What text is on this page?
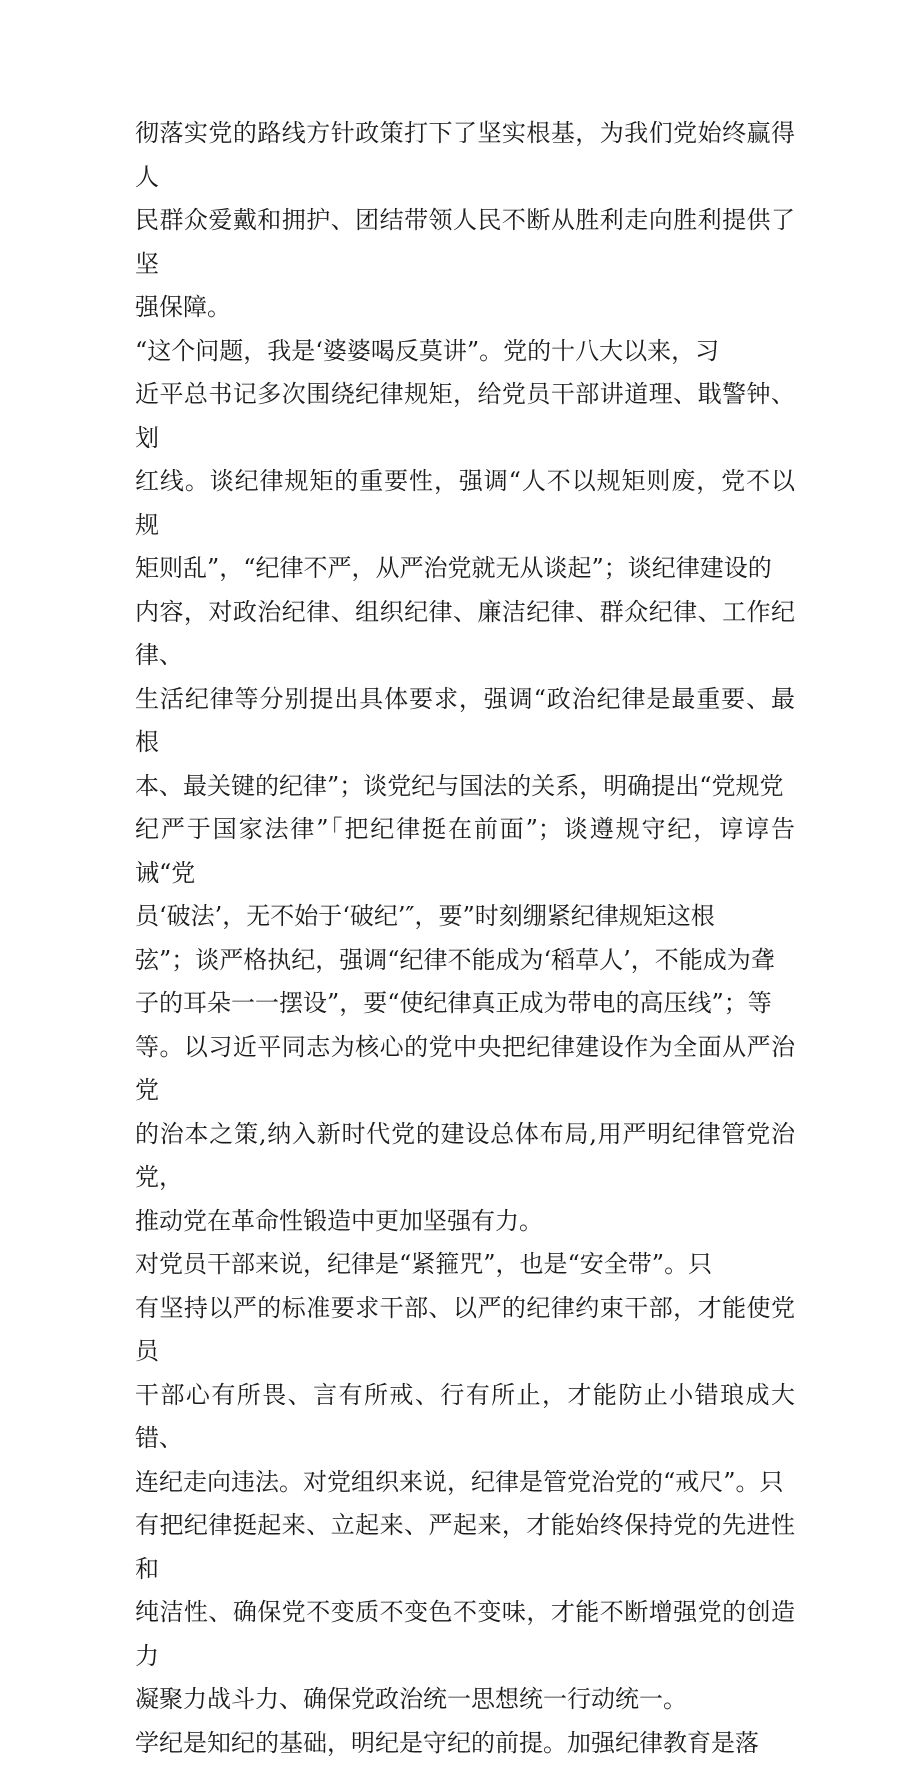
彻落实党的路线方针政策打下了坚实根基，为我们党始终赢得人
民群众爱戴和拥护、团结带领人民不断从胜利走向胜利提供了坚
强保障。

“这个问题，我是‘婆婆喝反莫讲”。党的十八大以来，习
近平总书记多次围绕纪律规矩，给党员干部讲道理、戢警钟、划
红线。谈纪律规矩的重要性，强调“人不以规矩则废，党不以规
矩则乱”，“纪律不严，从严治党就无从谈起”；谈纪律建设的
内容，对政治纪律、组织纪律、廉洁纪律、群众纪律、工作纪律、
生活纪律等分别提出具体要求，强调“政治纪律是最重要、最根
本、最关键的纪律”；谈党纪与国法的关系，明确提出“党规党
纪严于国家法律”「把纪律挺在前面”；谈遵规守纪，谆谆告诫“党
员‘破法’，无不始于‘破纪’″，要”时刻绷紧纪律规矩这根
弦”；谈严格执纪，强调“纪律不能成为‘稻草人’，不能成为聋
子的耳朵一一摆设”，要“使纪律真正成为带电的高压线”；等
等。以习近平同志为核心的党中央把纪律建设作为全面从严治党
的治本之策,纳入新时代党的建设总体布局,用严明纪律管党治党，
推动党在革命性锻造中更加坚强有力。

对党员干部来说，纪律是“紧箍咒”，也是“安全带”。只
有坚持以严的标准要求干部、以严的纪律约束干部，才能使党员
干部心有所畏、言有所戒、行有所止，才能防止小错琅成大错、
连纪走向违法。对党组织来说，纪律是管党治党的“戒尺”。只
有把纪律挺起来、立起来、严起来，才能始终保持党的先进性和
纯洁性、确保党不变质不变色不变味，才能不断增强党的创造力
凝聚力战斗力、确保党政治统一思想统一行动统一。

学纪是知纪的基础，明纪是守纪的前提。加强纪律教育是落
